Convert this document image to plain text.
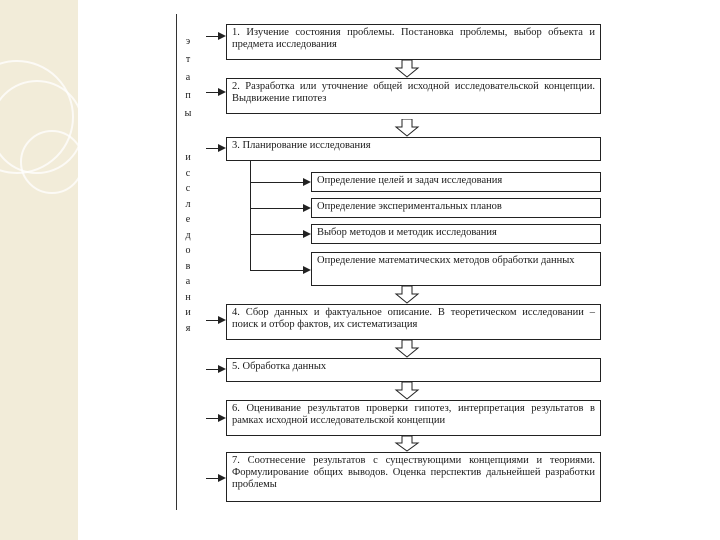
э
т
а
п
ы
и
с
с
л
е
д
о
в
а
н
и
я
1. Изучение состояния проблемы. Постановка проблемы, выбор объекта и предмета исследования
2. Разработка или уточнение общей исходной исследовательской концепции. Выдвижение гипотез
3. Планирование исследования
Определение целей и задач исследования
Определение экспериментальных планов
Выбор методов и методик исследования
Определение математических методов обработки данных
4. Сбор данных и фактуальное описание. В теоретическом исследовании – поиск и отбор фактов, их систематизация
5. Обработка данных
6. Оценивание результатов проверки гипотез, интерпретация результатов в рамках исходной исследовательской концепции
7. Соотнесение результатов с существующими концепциями и теориями. Формулирование общих выводов. Оценка перспектив дальнейшей разработки проблемы
